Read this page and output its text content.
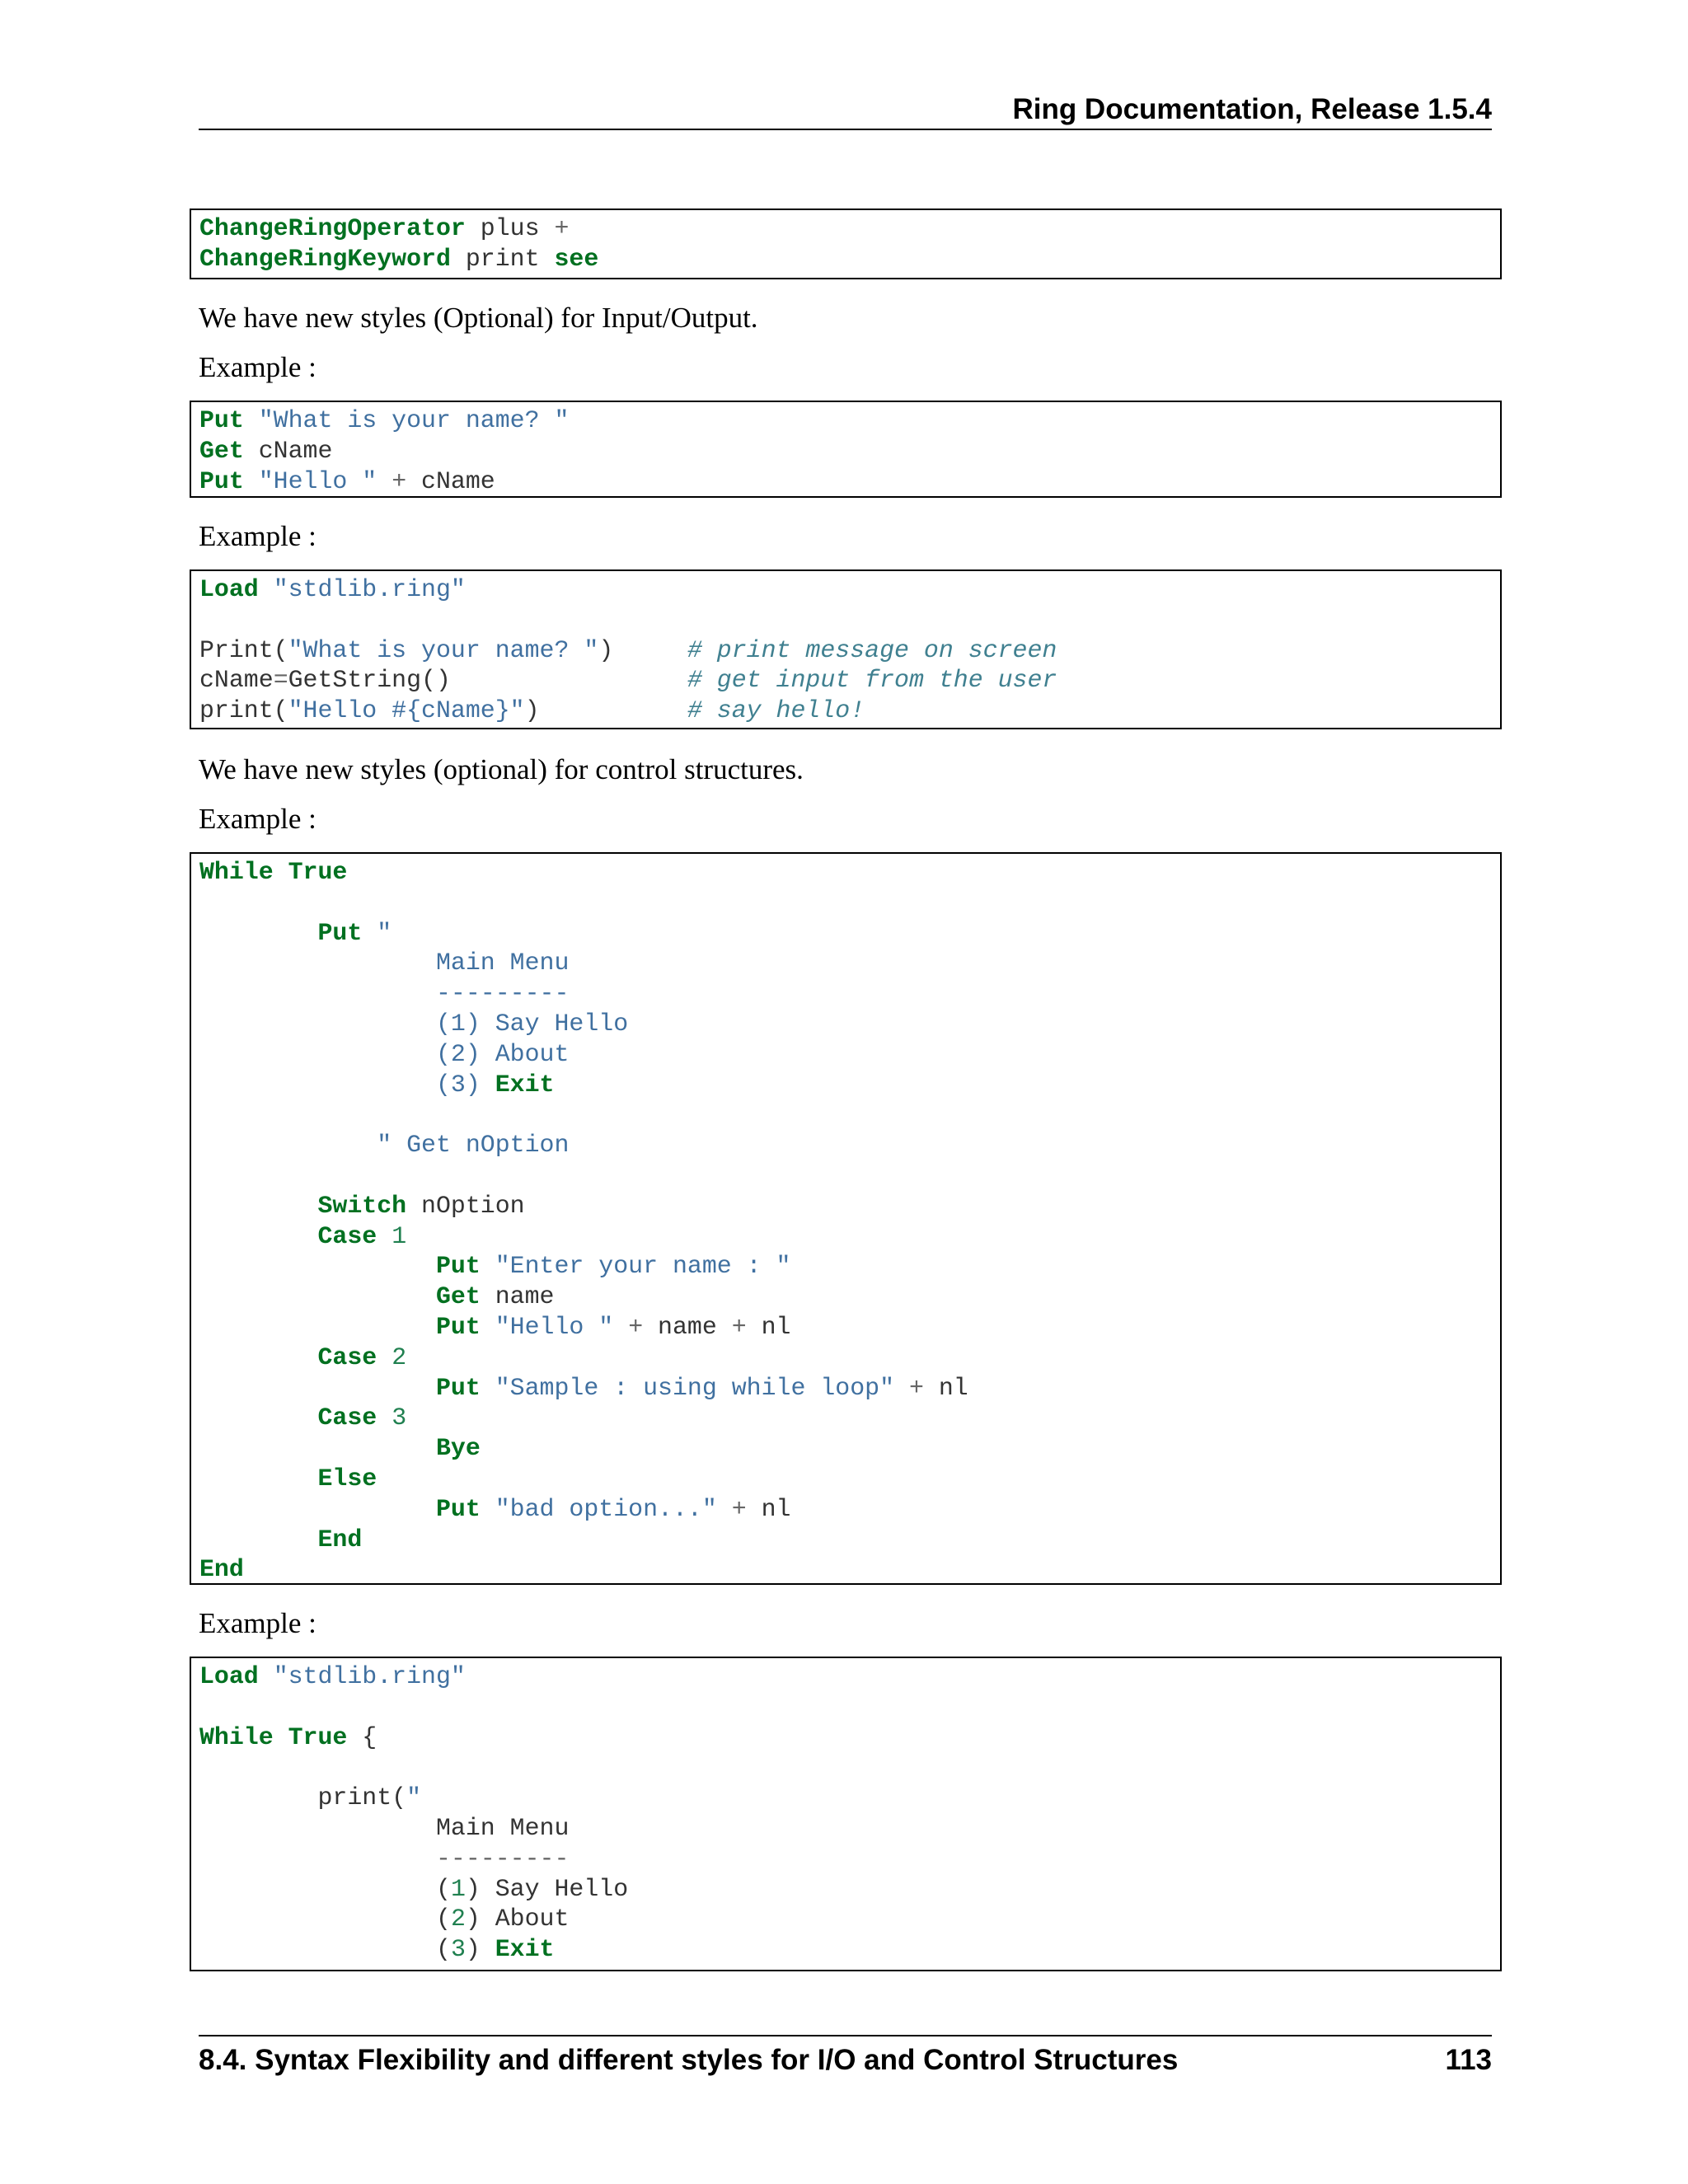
Ring Documentation, Release 1.5.4
ChangeRingOperator plus +
ChangeRingKeyword print see
We have new styles (Optional) for Input/Output.
Example :
Put "What is your name? "
Get cName
Put "Hello " + cName
Example :
Load "stdlib.ring"

Print("What is your name? ")     # print message on screen
cName=GetString()                # get input from the user
print("Hello #{cName}")          # say hello!
We have new styles (optional) for control structures.
Example :
While True

Put "
Main Menu
---------
(1) Say Hello
(2) About
(3) Exit

" Get nOption

Switch nOption
Case 1
Put "Enter your name : "
Get name
Put "Hello " + name + nl
Case 2
Put "Sample : using while loop" + nl
Case 3
Bye
Else
Put "bad option..." + nl
End
End
Example :
Load "stdlib.ring"

While True {

print("
Main Menu
---------
(1) Say Hello
(2) About
(3) Exit
8.4. Syntax Flexibility and different styles for I/O and Control Structures	113
